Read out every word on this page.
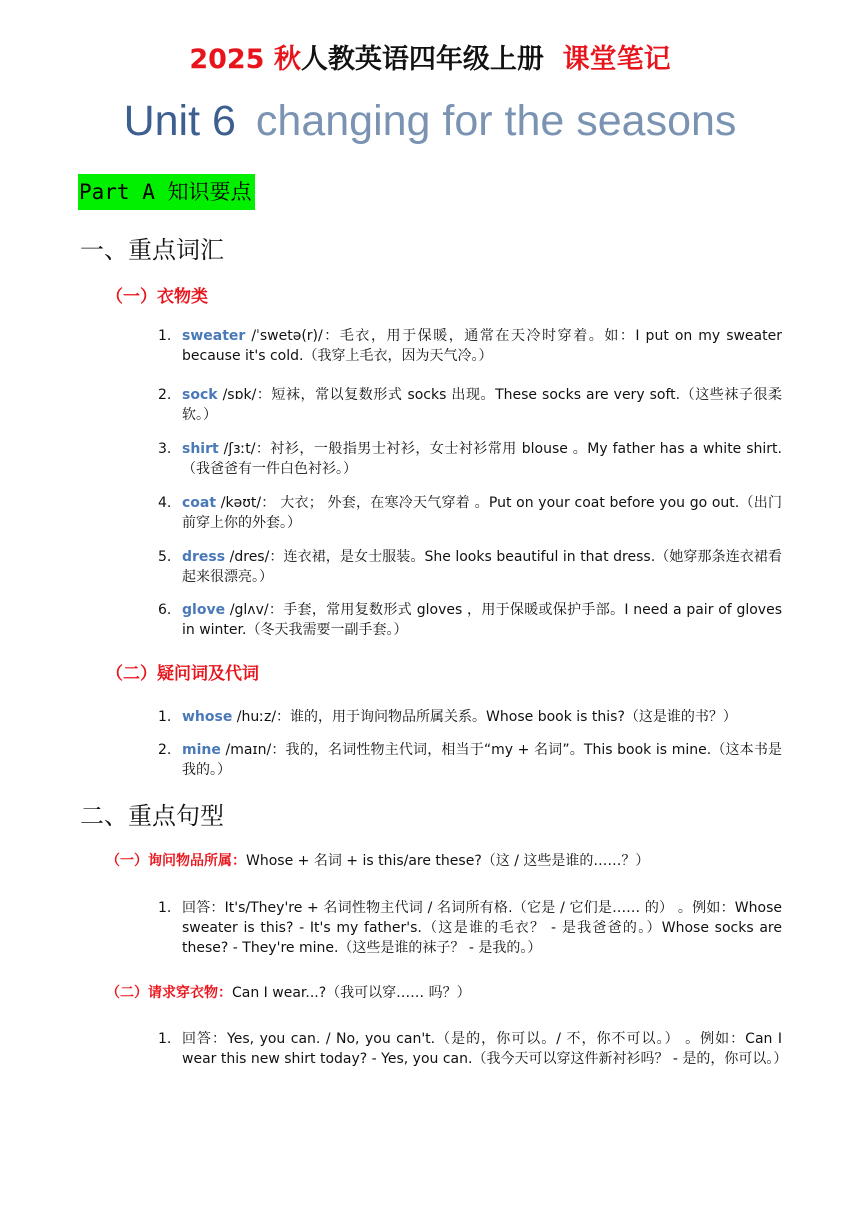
2025 秋人教英语四年级上册 课堂笔记
Unit 6 changing for the seasons
Part A 知识要点
一、重点词汇
（一）衣物类
1. sweater /ˈswetə(r)/：毛衣，用于保暖，通常在天冷时穿着。如：I put on my sweater because it's cold.（我穿上毛衣，因为天气冷。）
2. sock /sɒk/：短袜，常以复数形式 socks 出现。These socks are very soft.（这些袜子很柔软。）
3. shirt /ʃɜːt/：衬衫，一般指男士衬衫，女士衬衫常用 blouse 。My father has a white shirt.（我爸爸有一件白色衬衫。）
4. coat /kəʊt/： 大衣； 外套，在寒冷天气穿着 。Put on your coat before you go out.（出门前穿上你的外套。）
5. dress /dres/：连衣裙，是女士服装。She looks beautiful in that dress.（她穿那条连衣裙看起来很漂亮。）
6. glove /glʌv/：手套，常用复数形式 gloves ，用于保暖或保护手部。I need a pair of gloves in winter.（冬天我需要一副手套。）
（二）疑问词及代词
1. whose /huːz/：谁的，用于询问物品所属关系。Whose book is this?（这是谁的书？）
2. mine /maɪn/：我的，名词性物主代词，相当于“my + 名词”。This book is mine.（这本书是我的。）
二、重点句型
（一）询问物品所属：Whose + 名词 + is this/are these?（这 / 这些是谁的……？）
1. 回答：It's/They're + 名词性物主代词 / 名词所有格.（它是 / 它们是…… 的） 。例如：Whose sweater is this? - It's my father's.（这是谁的毛衣？ - 是我爸爸的。）Whose socks are these? - They're mine.（这些是谁的袜子？ - 是我的。）
（二）请求穿衣物：Can I wear...?（我可以穿…… 吗？）
1. 回答：Yes, you can. / No, you can't.（是的，你可以。/ 不，你不可以。） 。例如：Can I wear this new shirt today? - Yes, you can.（我今天可以穿这件新衬衫吗？ - 是的，你可以。）
